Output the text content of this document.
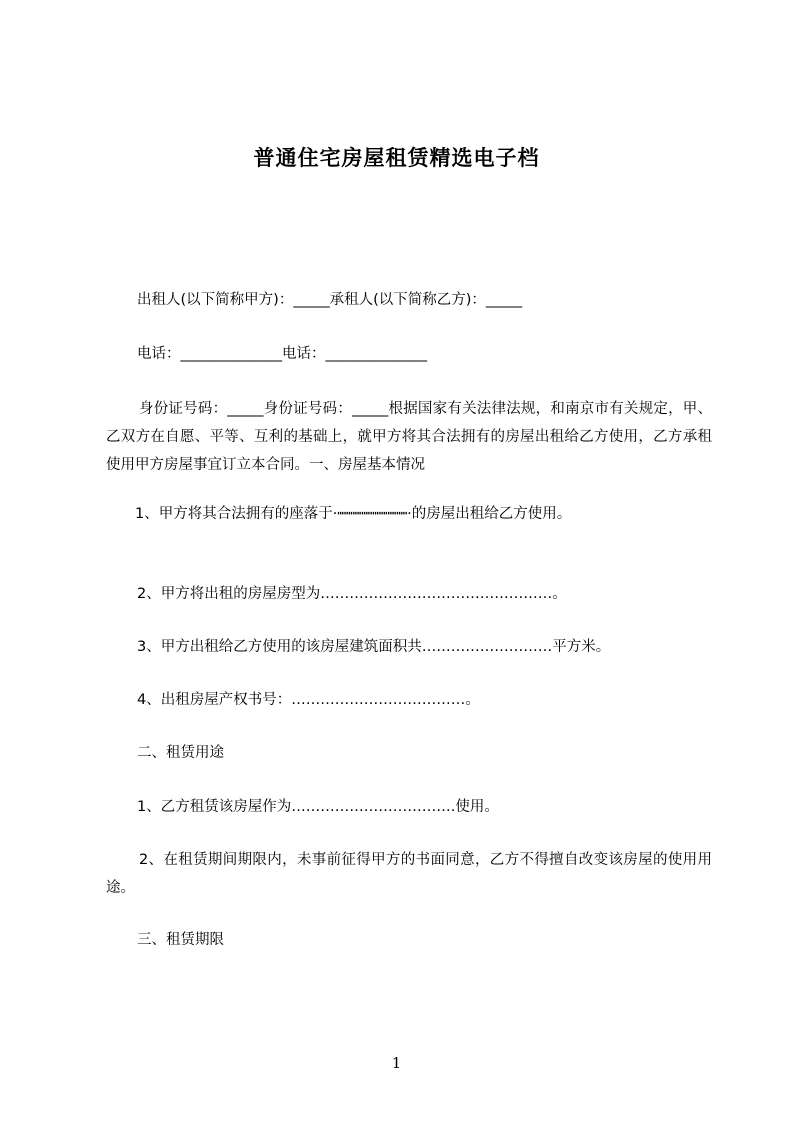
普通住宅房屋租赁精选电子档
出租人(以下简称甲方)：_____承租人(以下简称乙方)：_____
电话：______________电话：______________
身份证号码：_____身份证号码：_____根据国家有关法律法规，和南京市有关规定，甲、乙双方在自愿、平等、互利的基础上，就甲方将其合法拥有的房屋出租给乙方使用，乙方承租使用甲方房屋事宜订立本合同。一、房屋基本情况
1、甲方将其合法拥有的座落于·┉┉┉┉┉┉┉┉·的房屋出租给乙方使用。
2、甲方将出租的房屋房型为…………………………………………。
3、甲方出租给乙方使用的该房屋建筑面积共………………………平方米。
4、出租房屋产权书号：………………………………。
二、租赁用途
1、乙方租赁该房屋作为…………………………….使用。
2、在租赁期间期限内，未事前征得甲方的书面同意，乙方不得擅自改变该房屋的使用用途。
三、租赁期限
1
